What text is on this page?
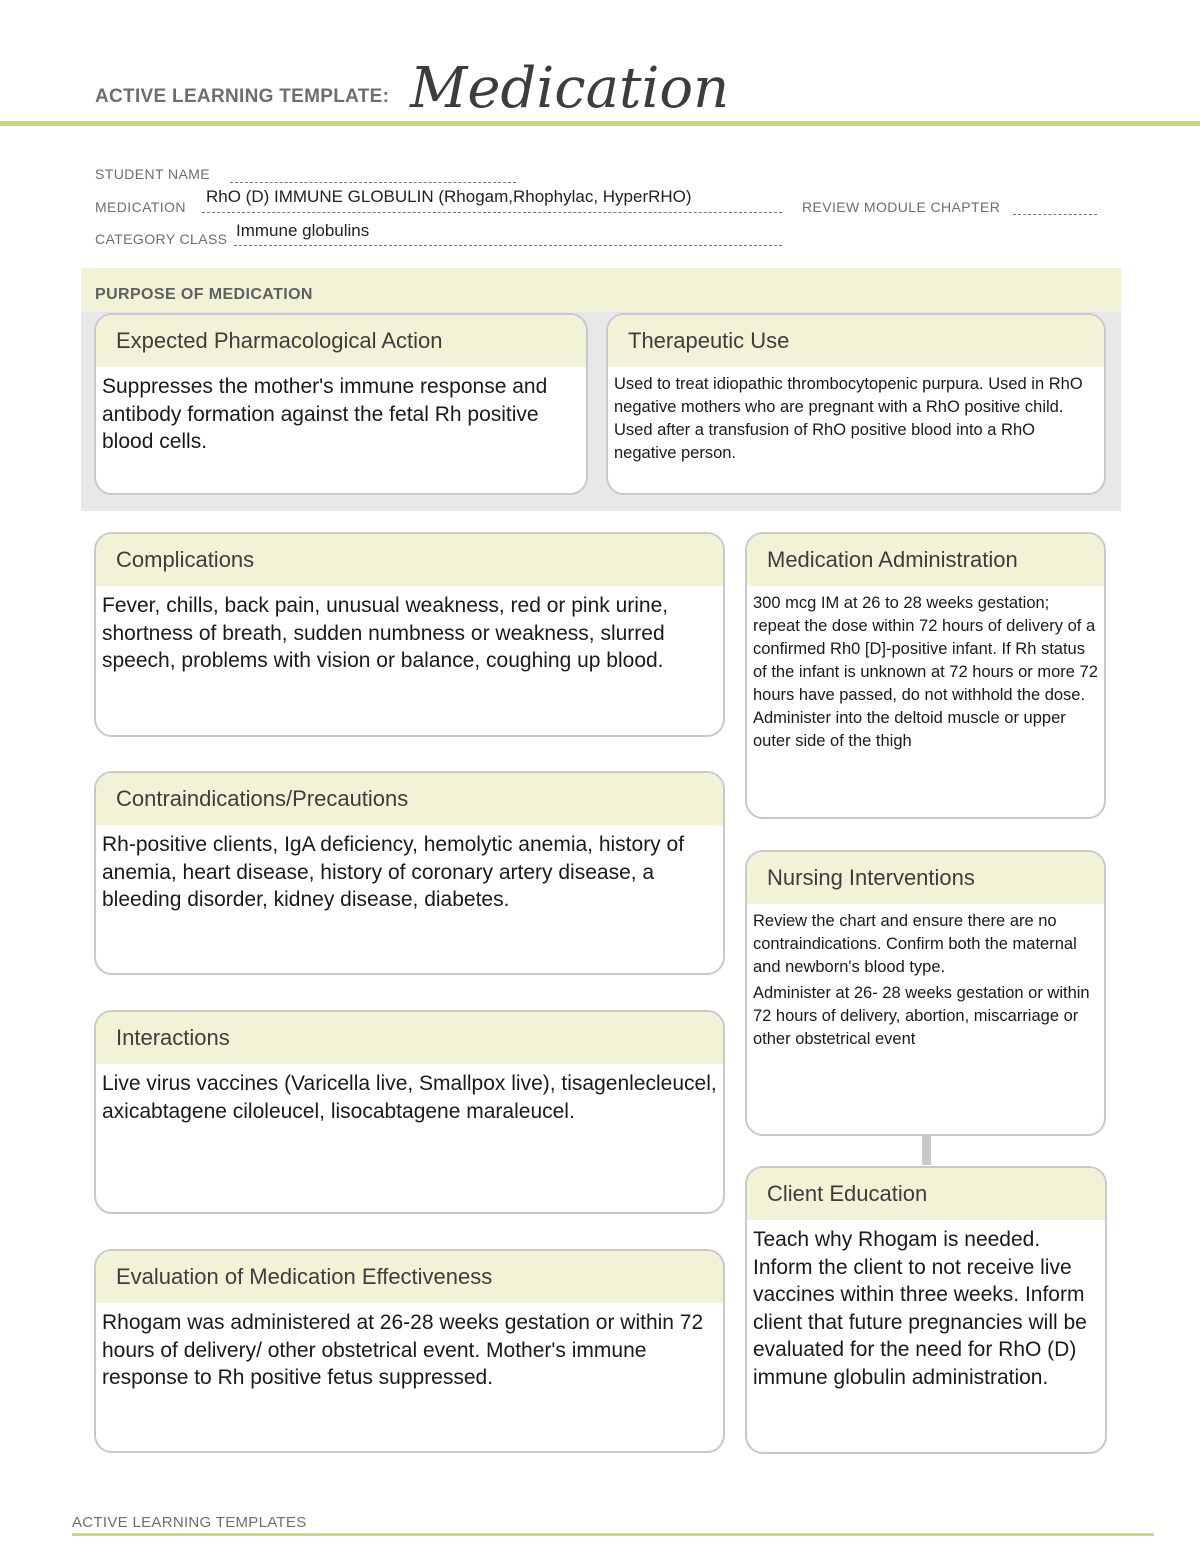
ACTIVE LEARNING TEMPLATE: Medication
STUDENT NAME
MEDICATION
RhO (D) IMMUNE GLOBULIN (Rhogam,Rhophylac, HyperRHO)
REVIEW MODULE CHAPTER
CATEGORY CLASS Immune globulins
PURPOSE OF MEDICATION
Expected Pharmacological Action
Suppresses the mother's immune response and antibody formation against the fetal Rh positive blood cells.
Therapeutic Use
Used to treat idiopathic thrombocytopenic purpura. Used in RhO negative mothers who are pregnant with a RhO positive child. Used after a transfusion of RhO positive blood into a RhO negative person.
Complications
Fever, chills, back pain, unusual weakness, red or pink urine, shortness of breath, sudden numbness or weakness, slurred speech, problems with vision or balance, coughing up blood.
Contraindications/Precautions
Rh-positive clients, IgA deficiency, hemolytic anemia, history of anemia, heart disease, history of coronary artery disease, a bleeding disorder, kidney disease, diabetes.
Interactions
Live virus vaccines (Varicella live, Smallpox live), tisagenlecleucel, axicabtagene ciloleucel, lisocabtagene maraleucel.
Evaluation of Medication Effectiveness
Rhogam was administered at 26-28 weeks gestation or within 72 hours of delivery/ other obstetrical event. Mother's immune response to Rh positive fetus suppressed.
Medication Administration
300 mcg IM at 26 to 28 weeks gestation; repeat the dose within 72 hours of delivery of a confirmed Rh0 [D]-positive infant. If Rh status of the infant is unknown at 72 hours or more 72 hours have passed, do not withhold the dose. Administer into the deltoid muscle or upper outer side of the thigh
Nursing Interventions
Review the chart and ensure there are no contraindications. Confirm both the maternal and newborn's blood type.
Administer at 26- 28 weeks gestation or within 72 hours of delivery, abortion, miscarriage or other obstetrical event
Client Education
Teach why Rhogam is needed. Inform the client to not receive live vaccines within three weeks. Inform client that future pregnancies will be evaluated for the need for RhO (D) immune globulin administration.
ACTIVE LEARNING TEMPLATES
